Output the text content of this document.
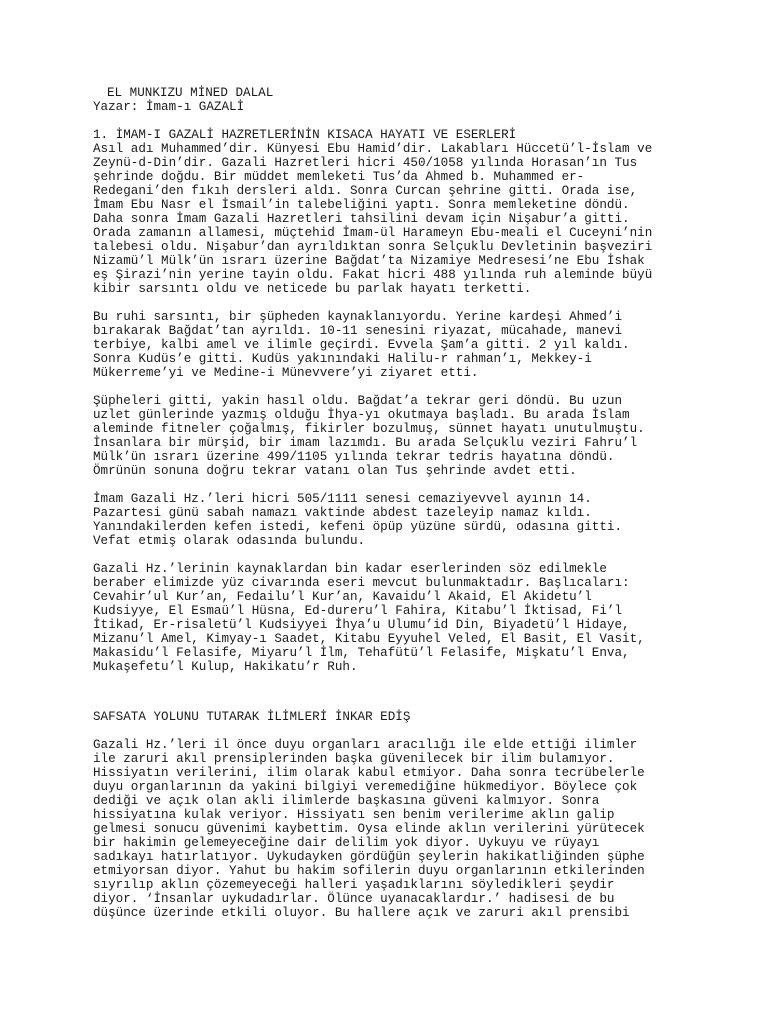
EL MUNKIZU MİNED DALAL
Yazar: İmam-ı GAZALİ
1. İMAM-I GAZALİ HAZRETLERİNİN KISACA HAYATI VE ESERLERİ
Asıl adı Muhammed’dir. Künyesi Ebu Hamid’dir. Lakabları Hüccetü’l-İslam ve
Zeynü-d-Din’dir. Gazali Hazretleri hicri 450/1058 yılında Horasan’ın Tus
şehrinde doğdu. Bir müddet memleketi Tus’da Ahmed b. Muhammed er-
Redegani’den fıkıh dersleri aldı. Sonra Curcan şehrine gitti. Orada ise,
İmam Ebu Nasr el İsmail’in talebeliğini yaptı. Sonra memleketine döndü.
Daha sonra İmam Gazali Hazretleri tahsilini devam için Nişabur’a gitti.
Orada zamanın allamesi, müçtehid İmam-ül Harameyn Ebu-meali el Cuceyni’nin
talebesi oldu. Nişabur’dan ayrıldıktan sonra Selçuklu Devletinin başveziri
Nizamü’l Mülk’ün ısrarı üzerine Bağdat’ta Nizamiye Medresesi’ne Ebu İshak
eş Şirazi’nin yerine tayin oldu. Fakat hicri 488 yılında ruh aleminde büyü
kibir sarsıntı oldu ve neticede bu parlak hayatı terketti.
Bu ruhi sarsıntı, bir şüpheden kaynaklanıyordu. Yerine kardeşi Ahmed’i
bırakarak Bağdat’tan ayrıldı. 10-11 senesini riyazat, mücahade, manevi
terbiye, kalbi amel ve ilimle geçirdi. Evvela Şam’a gitti. 2 yıl kaldı.
Sonra Kudüs’e gitti. Kudüs yakınındaki Halilu-r rahman’ı, Mekkey-i
Mükerreme’yi ve Medine-i Münevvere’yi ziyaret etti.
Şüpheleri gitti, yakin hasıl oldu. Bağdat’a tekrar geri döndü. Bu uzun
uzlet günlerinde yazmış olduğu İhya-yı okutmaya başladı. Bu arada İslam
aleminde fitneler çoğalmış, fikirler bozulmuş, sünnet hayatı unutulmuştu.
İnsanlara bir mürşid, bir imam lazımdı. Bu arada Selçuklu veziri Fahru’l
Mülk’ün ısrarı üzerine 499/1105 yılında tekrar tedris hayatına döndü.
Ömrünün sonuna doğru tekrar vatanı olan Tus şehrinde avdet etti.
İmam Gazali Hz.’leri hicri 505/1111 senesi cemaziyevvel ayının 14.
Pazartesi günü sabah namazı vaktinde abdest tazeleyip namaz kıldı.
Yanındakilerden kefen istedi, kefeni öpüp yüzüne sürdü, odasına gitti.
Vefat etmiş olarak odasında bulundu.
Gazali Hz.’lerinin kaynaklardan bin kadar eserlerinden söz edilmekle
beraber elimizde yüz civarında eseri mevcut bulunmaktadır. Başlıcaları:
Cevahir’ul Kur’an, Fedailu’l Kur’an, Kavaidu’l Akaid, El Akidetu’l
Kudsiyye, El Esmaü’l Hüsna, Ed-dureru’l Fahira, Kitabu’l İktisad, Fi’l
İtikad, Er-risaletü’l Kudsiyyei İhya’u Ulumu’id Din, Biyadetü’l Hidaye,
Mizanu’l Amel, Kimyay-ı Saadet, Kitabu Eyyuhel Veled, El Basit, El Vasit,
Makasidu’l Felasife, Miyaru’l İlm, Tehafütü’l Felasife, Mişkatu’l Enva,
Mukaşefetu’l Kulup, Hakikatu’r Ruh.
SAFSATA YOLUNU TUTARAK İLİMLERİ İNKAR EDİŞ
Gazali Hz.’leri il önce duyu organları aracılığı ile elde ettiği ilimler
ile zaruri akıl prensiplerinden başka güvenilecek bir ilim bulamıyor.
Hissiyatın verilerini, ilim olarak kabul etmiyor. Daha sonra tecrübelerle
duyu organlarının da yakini bilgiyi veremediğine hükmediyor. Böylece çok
dediği ve açık olan akli ilimlerde başkasına güveni kalmıyor. Sonra
hissiyatına kulak veriyor. Hissiyatı sen benim verilerime aklın galip
gelmesi sonucu güvenimi kaybettim. Oysa elinde aklın verilerini yürütecek
bir hakimin gelemeyeceğine dair delilim yok diyor. Uykuyu ve rüyayı
sadıkayı hatırlatıyor. Uykudayken gördüğün şeylerin hakikatliğinden şüphe
etmiyorsan diyor. Yahut bu hakim sofilerin duyu organlarının etkilerinden
sıyrılıp aklın çözemeyeceği halleri yaşadıklarını söyledikleri şeydir
diyor. ‘İnsanlar uykudadırlar. Ölünce uyanacaklardır.’ hadisesi de bu
düşünce üzerinde etkili oluyor. Bu hallere açık ve zaruri akıl prensibi
